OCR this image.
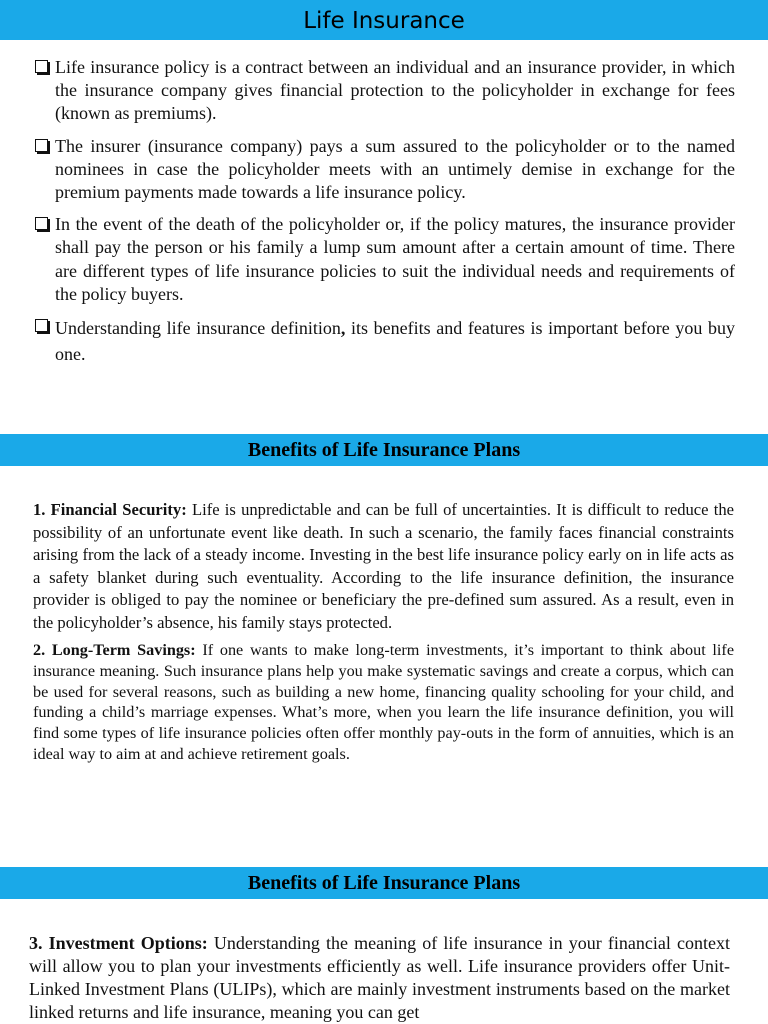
Life Insurance
Life insurance policy is a contract between an individual and an insurance provider, in which the insurance company gives financial protection to the policyholder in exchange for fees (known as premiums).
The insurer (insurance company) pays a sum assured to the policyholder or to the named nominees in case the policyholder meets with an untimely demise in exchange for the premium payments made towards a life insurance policy.
In the event of the death of the policyholder or, if the policy matures, the insurance provider shall pay the person or his family a lump sum amount after a certain amount of time. There are different types of life insurance policies to suit the individual needs and requirements of the policy buyers.
Understanding life insurance definition, its benefits and features is important before you buy one.
Benefits of Life Insurance Plans
1. Financial Security: Life is unpredictable and can be full of uncertainties. It is difficult to reduce the possibility of an unfortunate event like death. In such a scenario, the family faces financial constraints arising from the lack of a steady income. Investing in the best life insurance policy early on in life acts as a safety blanket during such eventuality. According to the life insurance definition, the insurance provider is obliged to pay the nominee or beneficiary the pre-defined sum assured. As a result, even in the policyholder’s absence, his family stays protected.
2. Long-Term Savings: If one wants to make long-term investments, it’s important to think about life insurance meaning. Such insurance plans help you make systematic savings and create a corpus, which can be used for several reasons, such as building a new home, financing quality schooling for your child, and funding a child’s marriage expenses. What’s more, when you learn the life insurance definition, you will find some types of life insurance policies often offer monthly pay-outs in the form of annuities, which is an ideal way to aim at and achieve retirement goals.
Benefits of Life Insurance Plans
3. Investment Options: Understanding the meaning of life insurance in your financial context will allow you to plan your investments efficiently as well. Life insurance providers offer Unit-Linked Investment Plans (ULIPs), which are mainly investment instruments based on the market linked returns and life insurance, meaning you can get
